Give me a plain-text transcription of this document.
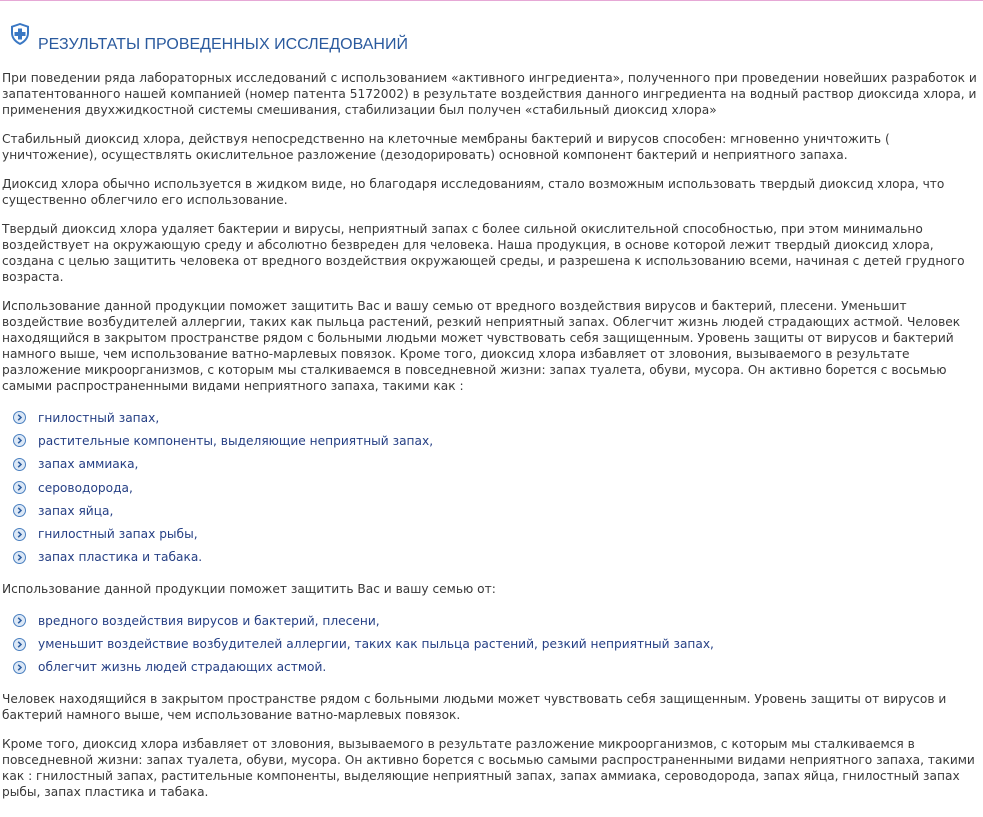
РЕЗУЛЬТАТЫ ПРОВЕДЕННЫХ ИССЛЕДОВАНИЙ

При поведении ряда лабораторных исследований с использованием «активного ингредиента», полученного при проведении новейших разработок и запатентованного нашей компанией (номер патента 5172002) в результате воздействия данного ингредиента на водный раствор диоксида хлора, и применения двухжидкостной системы смешивания, стабилизации был получен «стабильный диоксид хлора»

Стабильный диоксид хлора, действуя непосредственно на клеточные мембраны бактерий и вирусов способен: мгновенно уничтожить ( уничтожение), осуществлять окислительное разложение (дезодорировать) основной компонент бактерий и неприятного запаха.

Диоксид хлора обычно используется в жидком виде, но благодаря исследованиям, стало возможным использовать твердый диоксид хлора, что существенно облегчило его использование.

Твердый диоксид хлора удаляет бактерии и вирусы, неприятный запах с более сильной окислительной способностью, при этом минимально воздействует на окружающую среду и абсолютно безвреден для человека. Наша продукция, в основе которой лежит твердый диоксид хлора, создана с целью защитить человека от вредного воздействия окружающей среды, и разрешена к использованию всеми, начиная с детей грудного возраста.

Использование данной продукции поможет защитить Вас и вашу семью от вредного воздействия вирусов и бактерий, плесени. Уменьшит воздействие возбудителей аллергии, таких как пыльца растений, резкий неприятный запах. Облегчит жизнь людей страдающих астмой. Человек находящийся в закрытом пространстве рядом с больными людьми может чувствовать себя защищенным. Уровень защиты от вирусов и бактерий намного выше, чем использование ватно-марлевых повязок. Кроме того, диоксид хлора избавляет от зловония, вызываемого в результате разложение микроорганизмов, с которым мы сталкиваемся в повседневной жизни: запах туалета, обуви, мусора. Он активно борется с восьмью самыми распространенными видами неприятного запаха, такими как :

гнилостный запах,
растительные компоненты, выделяющие неприятный запах,
запах аммиака,
сероводорода,
запах яйца,
гнилостный запах рыбы,
запах пластика и табака.

Использование данной продукции поможет защитить Вас и вашу семью от:

вредного воздействия вирусов и бактерий, плесени,
уменьшит воздействие возбудителей аллергии, таких как пыльца растений, резкий неприятный запах,
облегчит жизнь людей страдающих астмой.

Человек находящийся в закрытом пространстве рядом с больными людьми может чувствовать себя защищенным. Уровень защиты от вирусов и бактерий намного выше, чем использование ватно-марлевых повязок.

Кроме того, диоксид хлора избавляет от зловония, вызываемого в результате разложение микроорганизмов, с которым мы сталкиваемся в повседневной жизни: запах туалета, обуви, мусора. Он активно борется с восьмью самыми распространенными видами неприятного запаха, такими как : гнилостный запах, растительные компоненты, выделяющие неприятный запах, запах аммиака, сероводорода, запах яйца, гнилостный запах рыбы, запах пластика и табака.
